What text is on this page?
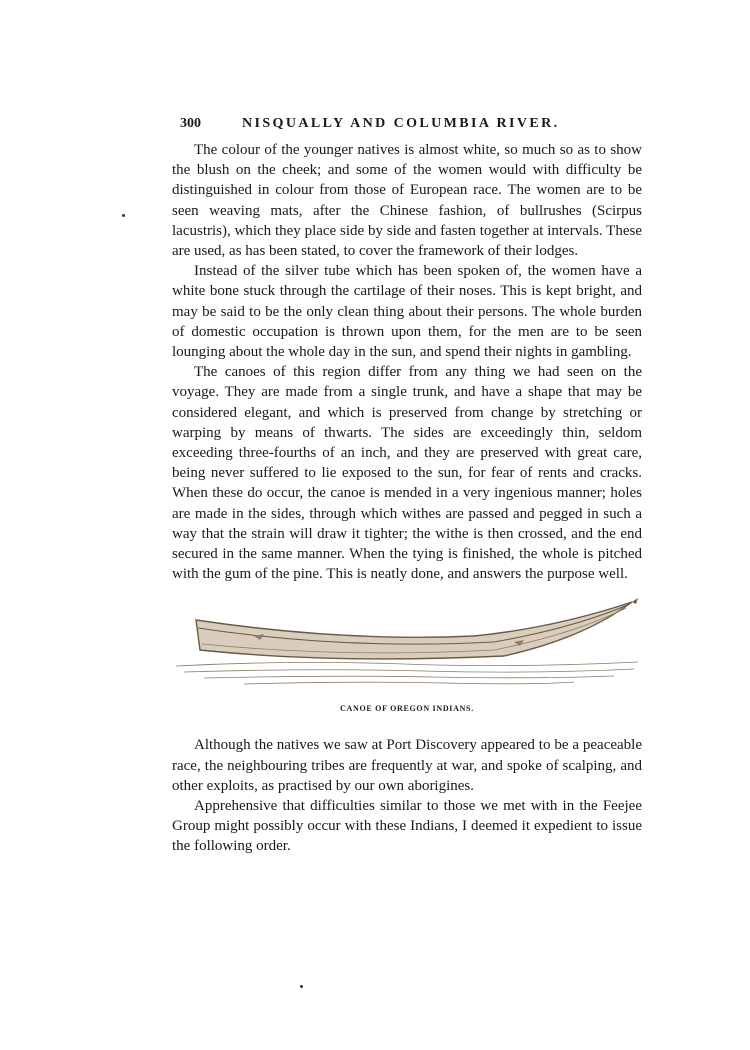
300	NISQUALLY AND COLUMBIA RIVER.

The colour of the younger natives is almost white, so much so as to show the blush on the cheek; and some of the women would with difficulty be distinguished in colour from those of European race. The women are to be seen weaving mats, after the Chinese fashion, of bullrushes (Scirpus lacustris), which they place side by side and fasten together at intervals. These are used, as has been stated, to cover the framework of their lodges.

Instead of the silver tube which has been spoken of, the women have a white bone stuck through the cartilage of their noses. This is kept bright, and may be said to be the only clean thing about their persons. The whole burden of domestic occupation is thrown upon them, for the men are to be seen lounging about the whole day in the sun, and spend their nights in gambling.

The canoes of this region differ from any thing we had seen on the voyage. They are made from a single trunk, and have a shape that may be considered elegant, and which is preserved from change by stretching or warping by means of thwarts. The sides are exceedingly thin, seldom exceeding three-fourths of an inch, and they are preserved with great care, being never suffered to lie exposed to the sun, for fear of rents and cracks. When these do occur, the canoe is mended in a very ingenious manner; holes are made in the sides, through which withes are passed and pegged in such a way that the strain will draw it tighter; the withe is then crossed, and the end secured in the same manner. When the tying is finished, the whole is pitched with the gum of the pine. This is neatly done, and answers the purpose well.

CANOE OF OREGON INDIANS.

Although the natives we saw at Port Discovery appeared to be a peaceable race, the neighbouring tribes are frequently at war, and spoke of scalping, and other exploits, as practised by our own aborigines.

Apprehensive that difficulties similar to those we met with in the Feejee Group might possibly occur with these Indians, I deemed it expedient to issue the following order.
